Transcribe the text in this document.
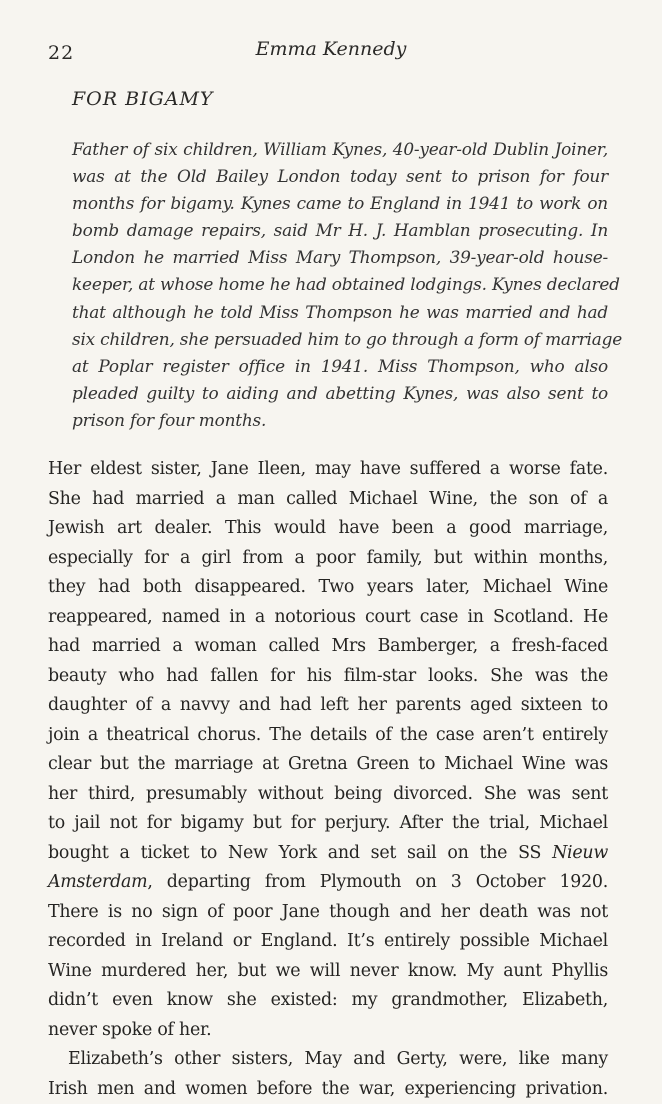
22	Emma Kennedy
FOR BIGAMY
Father of six children, William Kynes, 40-year-old Dublin Joiner,
was at the Old Bailey London today sent to prison for four
months for bigamy. Kynes came to England in 1941 to work on
bomb damage repairs, said Mr H. J. Hamblan prosecuting. In
London he married Miss Mary Thompson, 39-year-old house-
keeper, at whose home he had obtained lodgings. Kynes declared
that although he told Miss Thompson he was married and had
six children, she persuaded him to go through a form of marriage
at Poplar register office in 1941. Miss Thompson, who also
pleaded guilty to aiding and abetting Kynes, was also sent to
prison for four months.
Her eldest sister, Jane Ileen, may have suffered a worse fate.
She had married a man called Michael Wine, the son of a
Jewish art dealer. This would have been a good marriage,
especially for a girl from a poor family, but within months,
they had both disappeared. Two years later, Michael Wine
reappeared, named in a notorious court case in Scotland. He
had married a woman called Mrs Bamberger, a fresh-faced
beauty who had fallen for his film-star looks. She was the
daughter of a navvy and had left her parents aged sixteen to
join a theatrical chorus. The details of the case aren’t entirely
clear but the marriage at Gretna Green to Michael Wine was
her third, presumably without being divorced. She was sent
to jail not for bigamy but for perjury. After the trial, Michael
bought a ticket to New York and set sail on the SS Nieuw
Amsterdam, departing from Plymouth on 3 October 1920.
There is no sign of poor Jane though and her death was not
recorded in Ireland or England. It’s entirely possible Michael
Wine murdered her, but we will never know. My aunt Phyllis
didn’t even know she existed: my grandmother, Elizabeth,
never spoke of her.
Elizabeth’s other sisters, May and Gerty, were, like many
Irish men and women before the war, experiencing privation.
